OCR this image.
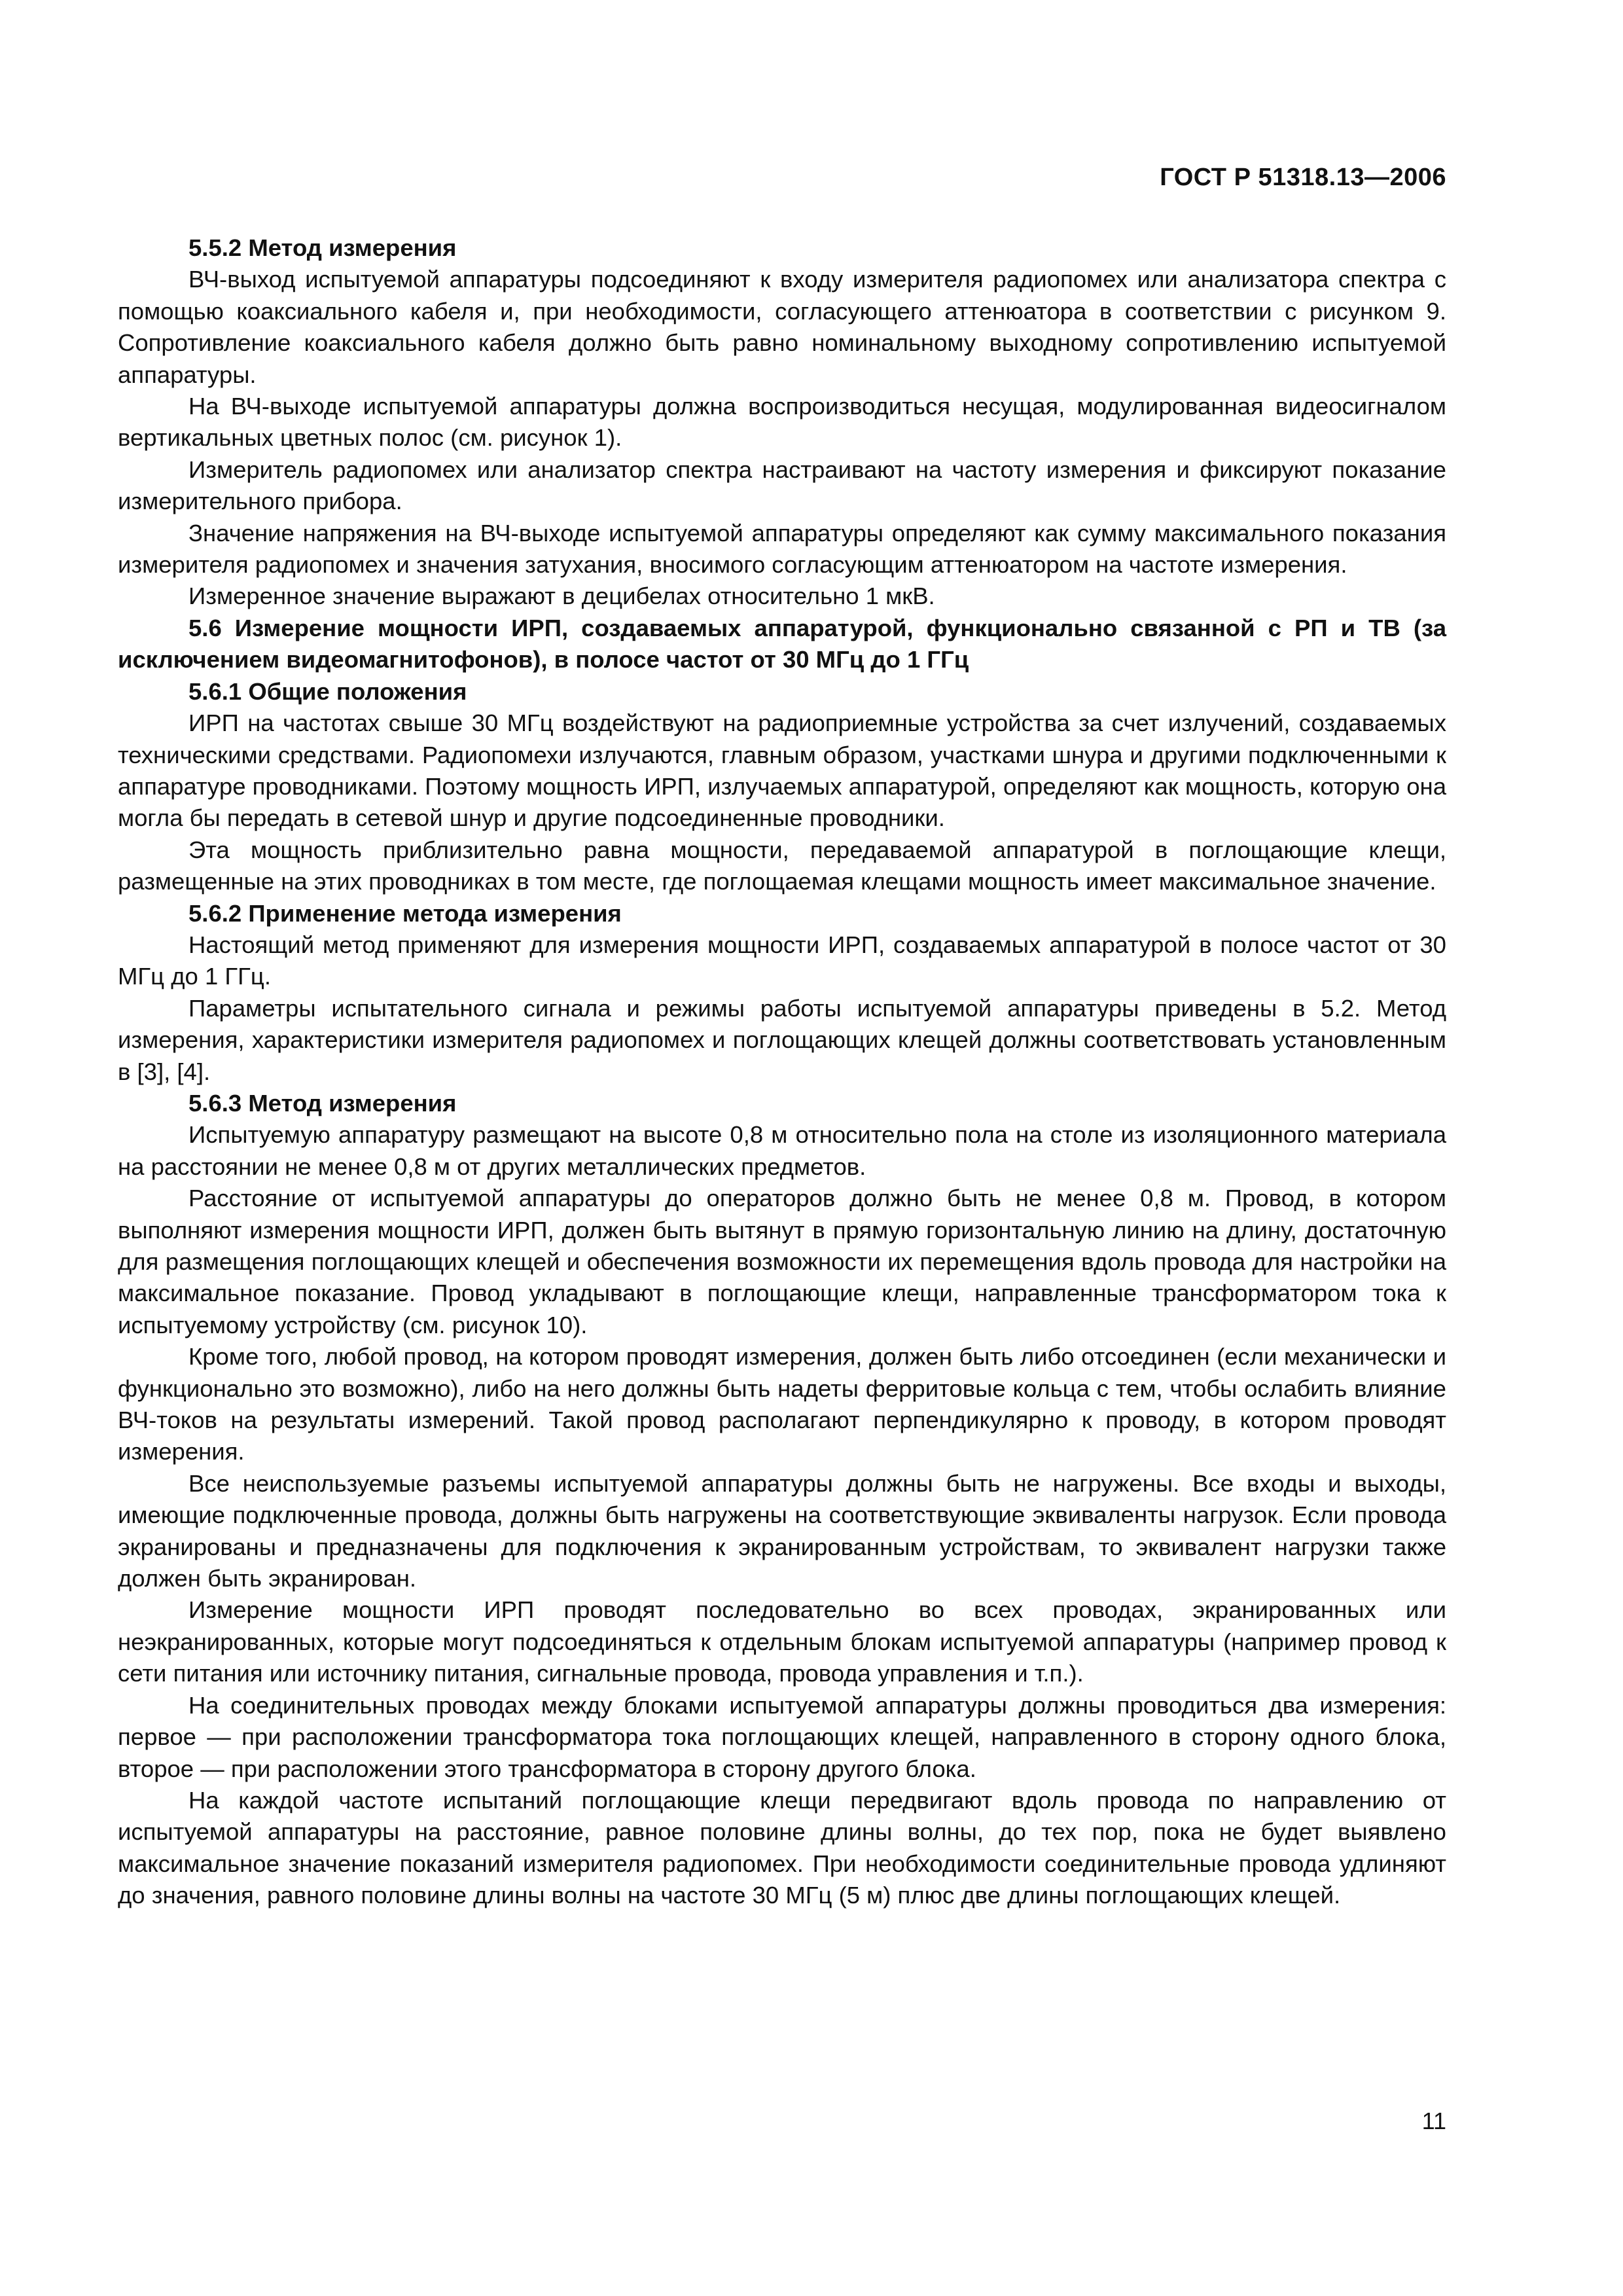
ГОСТ Р 51318.13—2006

5.5.2 Метод измерения

ВЧ-выход испытуемой аппаратуры подсоединяют к входу измерителя радиопомех или анализатора спектра с помощью коаксиального кабеля и, при необходимости, согласующего аттенюатора в соответствии с рисунком 9. Сопротивление коаксиального кабеля должно быть равно номинальному выходному сопротивлению испытуемой аппаратуры.

На ВЧ-выходе испытуемой аппаратуры должна воспроизводиться несущая, модулированная видеосигналом вертикальных цветных полос (см. рисунок 1).

Измеритель радиопомех или анализатор спектра настраивают на частоту измерения и фиксируют показание измерительного прибора.

Значение напряжения на ВЧ-выходе испытуемой аппаратуры определяют как сумму максимального показания измерителя радиопомех и значения затухания, вносимого согласующим аттенюатором на частоте измерения.

Измеренное значение выражают в децибелах относительно 1 мкВ.

5.6 Измерение мощности ИРП, создаваемых аппаратурой, функционально связанной с РП и ТВ (за исключением видеомагнитофонов), в полосе частот от 30 МГц до 1 ГГц

5.6.1 Общие положения

ИРП на частотах свыше 30 МГц воздействуют на радиоприемные устройства за счет излучений, создаваемых техническими средствами. Радиопомехи излучаются, главным образом, участками шнура и другими подключенными к аппаратуре проводниками. Поэтому мощность ИРП, излучаемых аппаратурой, определяют как мощность, которую она могла бы передать в сетевой шнур и другие подсоединенные проводники.

Эта мощность приблизительно равна мощности, передаваемой аппаратурой в поглощающие клещи, размещенные на этих проводниках в том месте, где поглощаемая клещами мощность имеет максимальное значение.

5.6.2 Применение метода измерения

Настоящий метод применяют для измерения мощности ИРП, создаваемых аппаратурой в полосе частот от 30 МГц до 1 ГГц.

Параметры испытательного сигнала и режимы работы испытуемой аппаратуры приведены в 5.2. Метод измерения, характеристики измерителя радиопомех и поглощающих клещей должны соответствовать установленным в [3], [4].

5.6.3 Метод измерения

Испытуемую аппаратуру размещают на высоте 0,8 м относительно пола на столе из изоляционного материала на расстоянии не менее 0,8 м от других металлических предметов.

Расстояние от испытуемой аппаратуры до операторов должно быть не менее 0,8 м. Провод, в котором выполняют измерения мощности ИРП, должен быть вытянут в прямую горизонтальную линию на длину, достаточную для размещения поглощающих клещей и обеспечения возможности их перемещения вдоль провода для настройки на максимальное показание. Провод укладывают в поглощающие клещи, направленные трансформатором тока к испытуемому устройству (см. рисунок 10).

Кроме того, любой провод, на котором проводят измерения, должен быть либо отсоединен (если механически и функционально это возможно), либо на него должны быть надеты ферритовые кольца с тем, чтобы ослабить влияние ВЧ-токов на результаты измерений. Такой провод располагают перпендикулярно к проводу, в котором проводят измерения.

Все неиспользуемые разъемы испытуемой аппаратуры должны быть не нагружены. Все входы и выходы, имеющие подключенные провода, должны быть нагружены на соответствующие эквиваленты нагрузок. Если провода экранированы и предназначены для подключения к экранированным устройствам, то эквивалент нагрузки также должен быть экранирован.

Измерение мощности ИРП проводят последовательно во всех проводах, экранированных или неэкранированных, которые могут подсоединяться к отдельным блокам испытуемой аппаратуры (например провод к сети питания или источнику питания, сигнальные провода, провода управления и т.п.).

На соединительных проводах между блоками испытуемой аппаратуры должны проводиться два измерения: первое — при расположении трансформатора тока поглощающих клещей, направленного в сторону одного блока, второе — при расположении этого трансформатора в сторону другого блока.

На каждой частоте испытаний поглощающие клещи передвигают вдоль провода по направлению от испытуемой аппаратуры на расстояние, равное половине длины волны, до тех пор, пока не будет выявлено максимальное значение показаний измерителя радиопомех. При необходимости соединительные провода удлиняют до значения, равного половине длины волны на частоте 30 МГц (5 м) плюс две длины поглощающих клещей.

11
